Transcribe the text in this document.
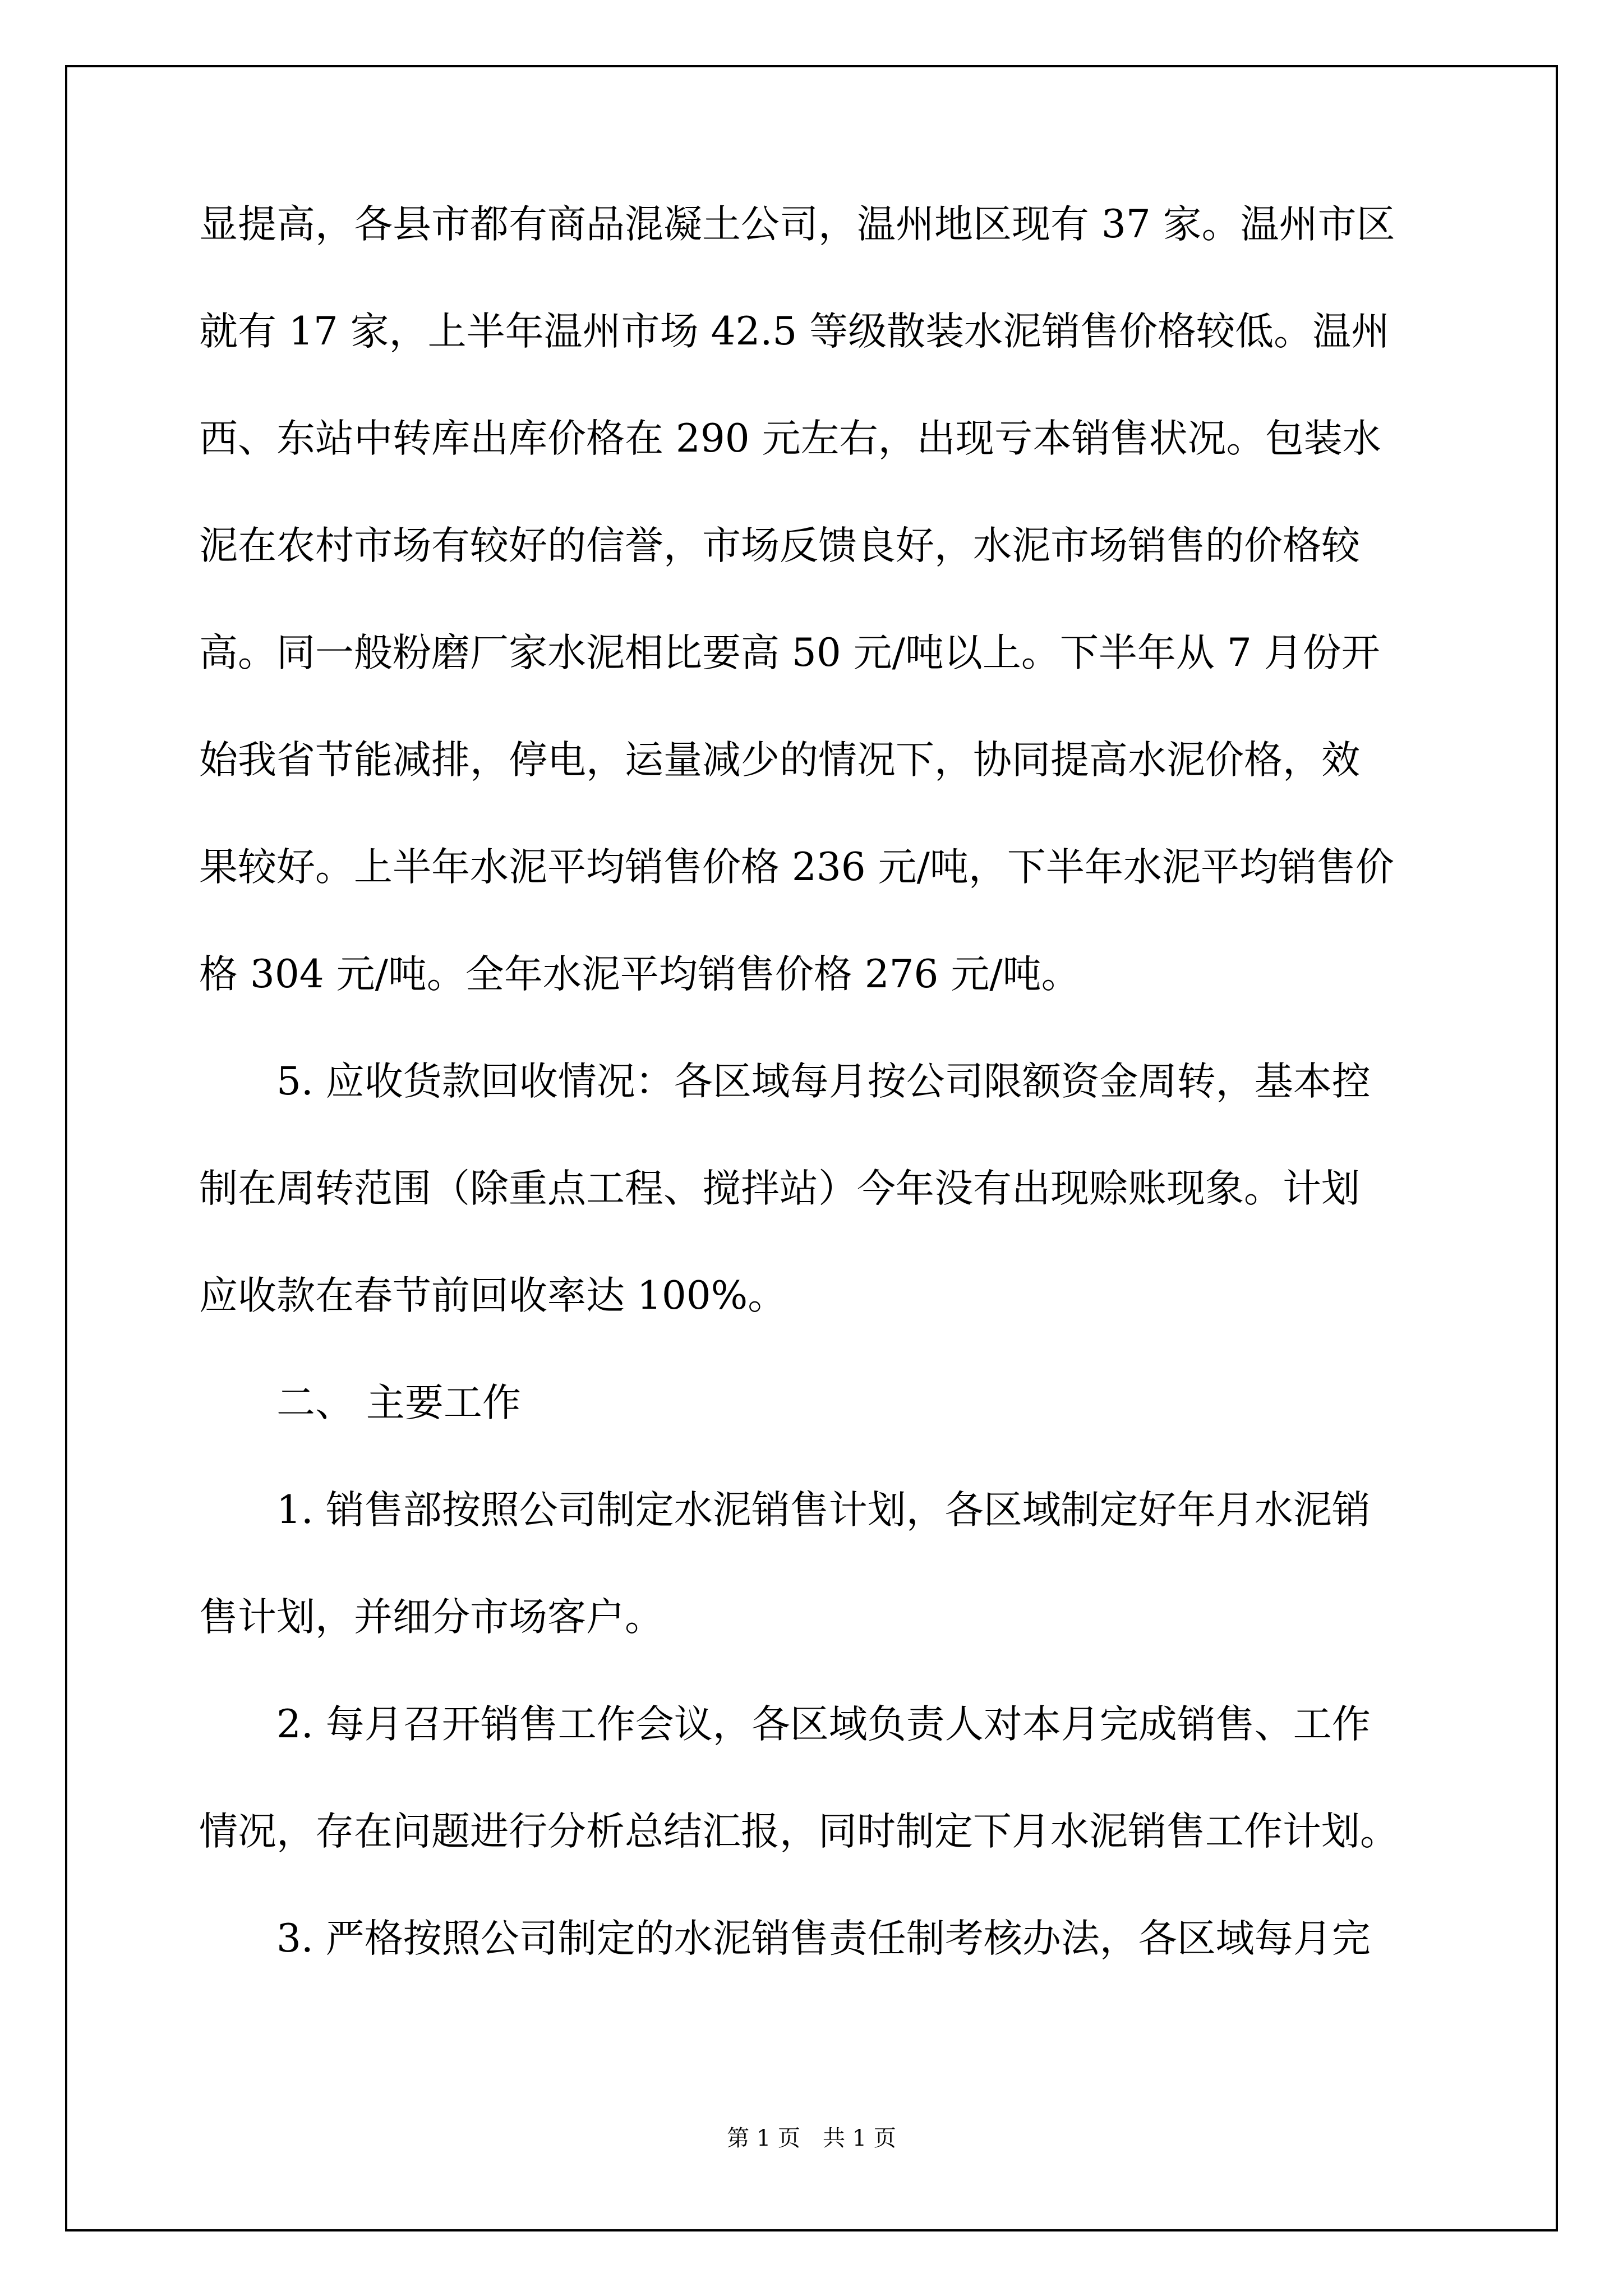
显提高，各县市都有商品混凝土公司，温州地区现有 37 家。温州市区
就有 17 家，上半年温州市场 42.5 等级散装水泥销售价格较低。温州
西、东站中转库出库价格在 290 元左右，出现亏本销售状况。包装水
泥在农村市场有较好的信誉，市场反馈良好，水泥市场销售的价格较
高。同一般粉磨厂家水泥相比要高 50 元/吨以上。下半年从 7 月份开
始我省节能减排，停电，运量减少的情况下，协同提高水泥价格，效
果较好。上半年水泥平均销售价格 236 元/吨，下半年水泥平均销售价
格 304 元/吨。全年水泥平均销售价格 276 元/吨。
　　5. 应收货款回收情况：各区域每月按公司限额资金周转，基本控
制在周转范围（除重点工程、搅拌站）今年没有出现赊账现象。计划
应收款在春节前回收率达 100%。
　　二、 主要工作
　　1. 销售部按照公司制定水泥销售计划，各区域制定好年月水泥销
售计划，并细分市场客户。
　　2. 每月召开销售工作会议，各区域负责人对本月完成销售、工作
情况，存在问题进行分析总结汇报，同时制定下月水泥销售工作计划。
　　3. 严格按照公司制定的水泥销售责任制考核办法，各区域每月完
第 1 页　共 1 页
